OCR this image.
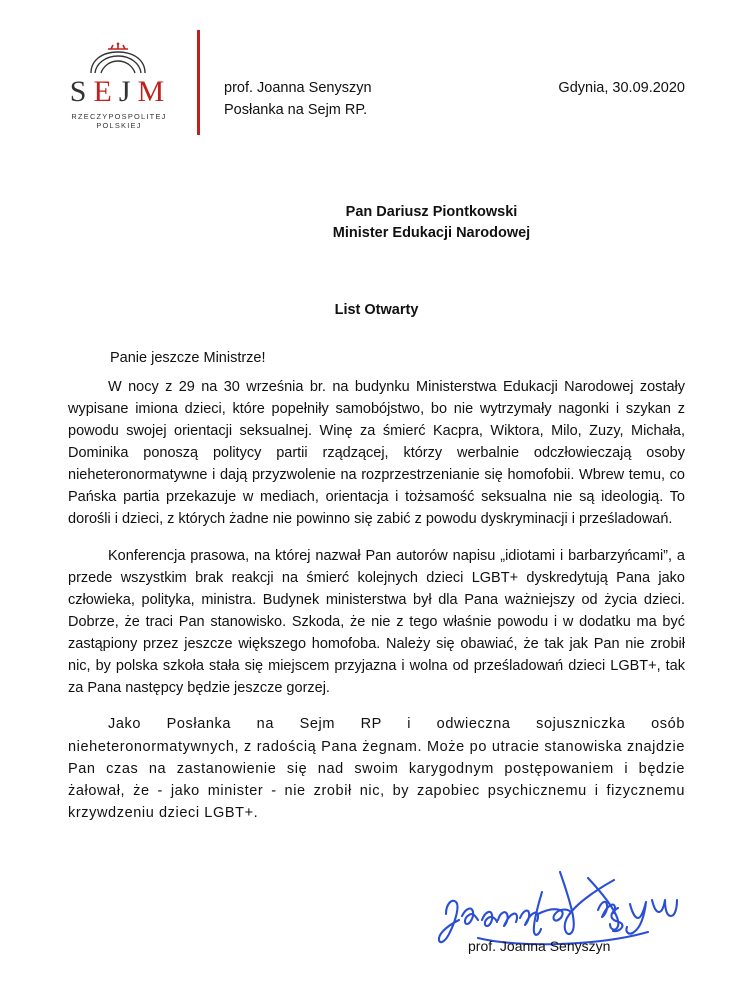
SEJM
RZECZYPOSPOLITEJ POLSKIEJ
prof. Joanna Senyszyn
Posłanka na Sejm RP.
Gdynia, 30.09.2020
Pan Dariusz Piontkowski
Minister Edukacji Narodowej
List Otwarty
Panie jeszcze Ministrze!

W nocy z 29 na 30 września br. na budynku Ministerstwa Edukacji Narodowej zostały wypisane imiona dzieci, które popełniły samobójstwo, bo nie wytrzymały nagonki i szykan z powodu swojej orientacji seksualnej. Winę za śmierć Kacpra, Wiktora, Milo, Zuzy, Michała, Dominika ponoszą politycy partii rządzącej, którzy werbalnie odczłowieczają osoby nieheteronormatywne i dają przyzwolenie na rozprzestrzenianie się homofobii. Wbrew temu, co Pańska partia przekazuje w mediach, orientacja i tożsamość seksualna nie są ideologią. To dorośli i dzieci, z których żadne nie powinno się zabić z powodu dyskryminacji i prześladowań.

Konferencja prasowa, na której nazwał Pan autorów napisu „idiotami i barbarzyńcami”, a przede wszystkim brak reakcji na śmierć kolejnych dzieci LGBT+ dyskredytują Pana jako człowieka, polityka, ministra. Budynek ministerstwa był dla Pana ważniejszy od życia dzieci. Dobrze, że traci Pan stanowisko. Szkoda, że nie z tego właśnie powodu i w dodatku ma być zastąpiony przez jeszcze większego homofoba. Należy się obawiać, że tak jak Pan nie zrobił nic, by polska szkoła stała się miejscem przyjazna i wolna od prześladowań dzieci LGBT+, tak za Pana następcy będzie jeszcze gorzej.

Jako Posłanka na Sejm RP i odwieczna sojuszniczka osób nieheteronormatywnych, z radością Pana żegnam. Może po utracie stanowiska znajdzie Pan czas na zastanowienie się nad swoim karygodnym postępowaniem i będzie żałował, że - jako minister - nie zrobił nic, by zapobiec psychicznemu i fizycznemu krzywdzeniu dzieci LGBT+.

prof. Joanna Senyszyn
